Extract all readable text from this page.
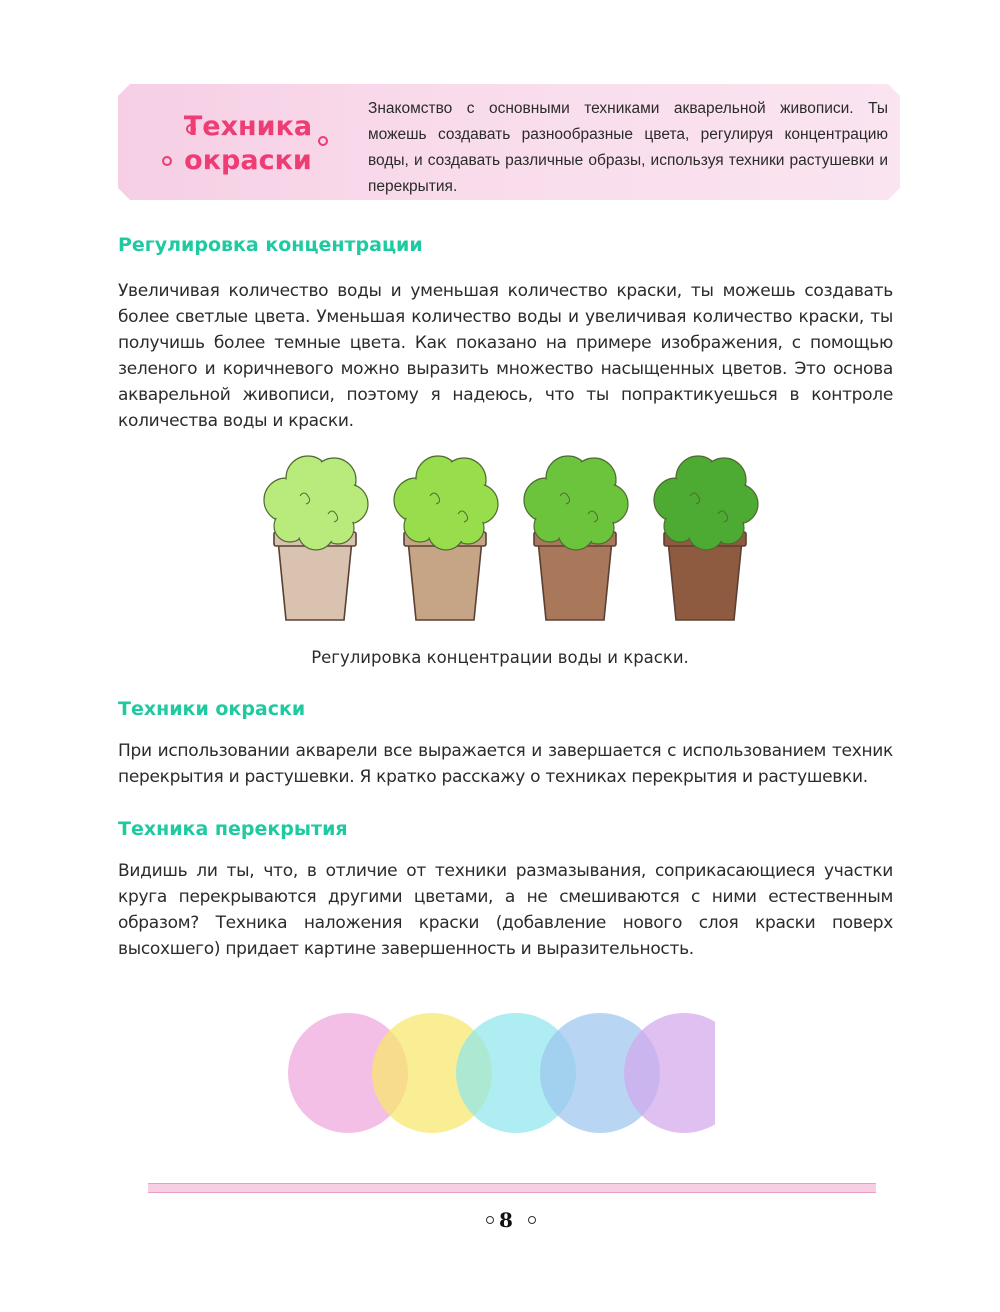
Техника
окраски
Знакомство с основными техниками акварельной живописи. Ты можешь создавать разнообразные цвета, регулируя концентрацию воды, и создавать различные образы, используя техники растушевки и перекрытия.
Регулировка концентрации
Увеличивая количество воды и уменьшая количество краски, ты можешь создавать более светлые цвета. Уменьшая количество воды и увеличивая количество краски, ты получишь более темные цвета. Как показано на примере изображения, с помощью зеленого и коричневого можно выразить множество насыщенных цветов. Это основа акварельной живописи, поэтому я надеюсь, что ты попрактикуешься в контроле количества воды и краски.
Регулировка концентрации воды и краски.
Техники окраски
При использовании акварели все выражается и завершается с использованием техник перекрытия и растушевки. Я кратко расскажу о техниках перекрытия и растушевки.
Техника перекрытия
Видишь ли ты, что, в отличие от техники размазывания, соприкасающиеся участки круга перекрываются другими цветами, а не смешиваются с ними естественным образом? Техника наложения краски (добавление нового слоя краски поверх высохшего) придает картине завершенность и выразительность.
8
